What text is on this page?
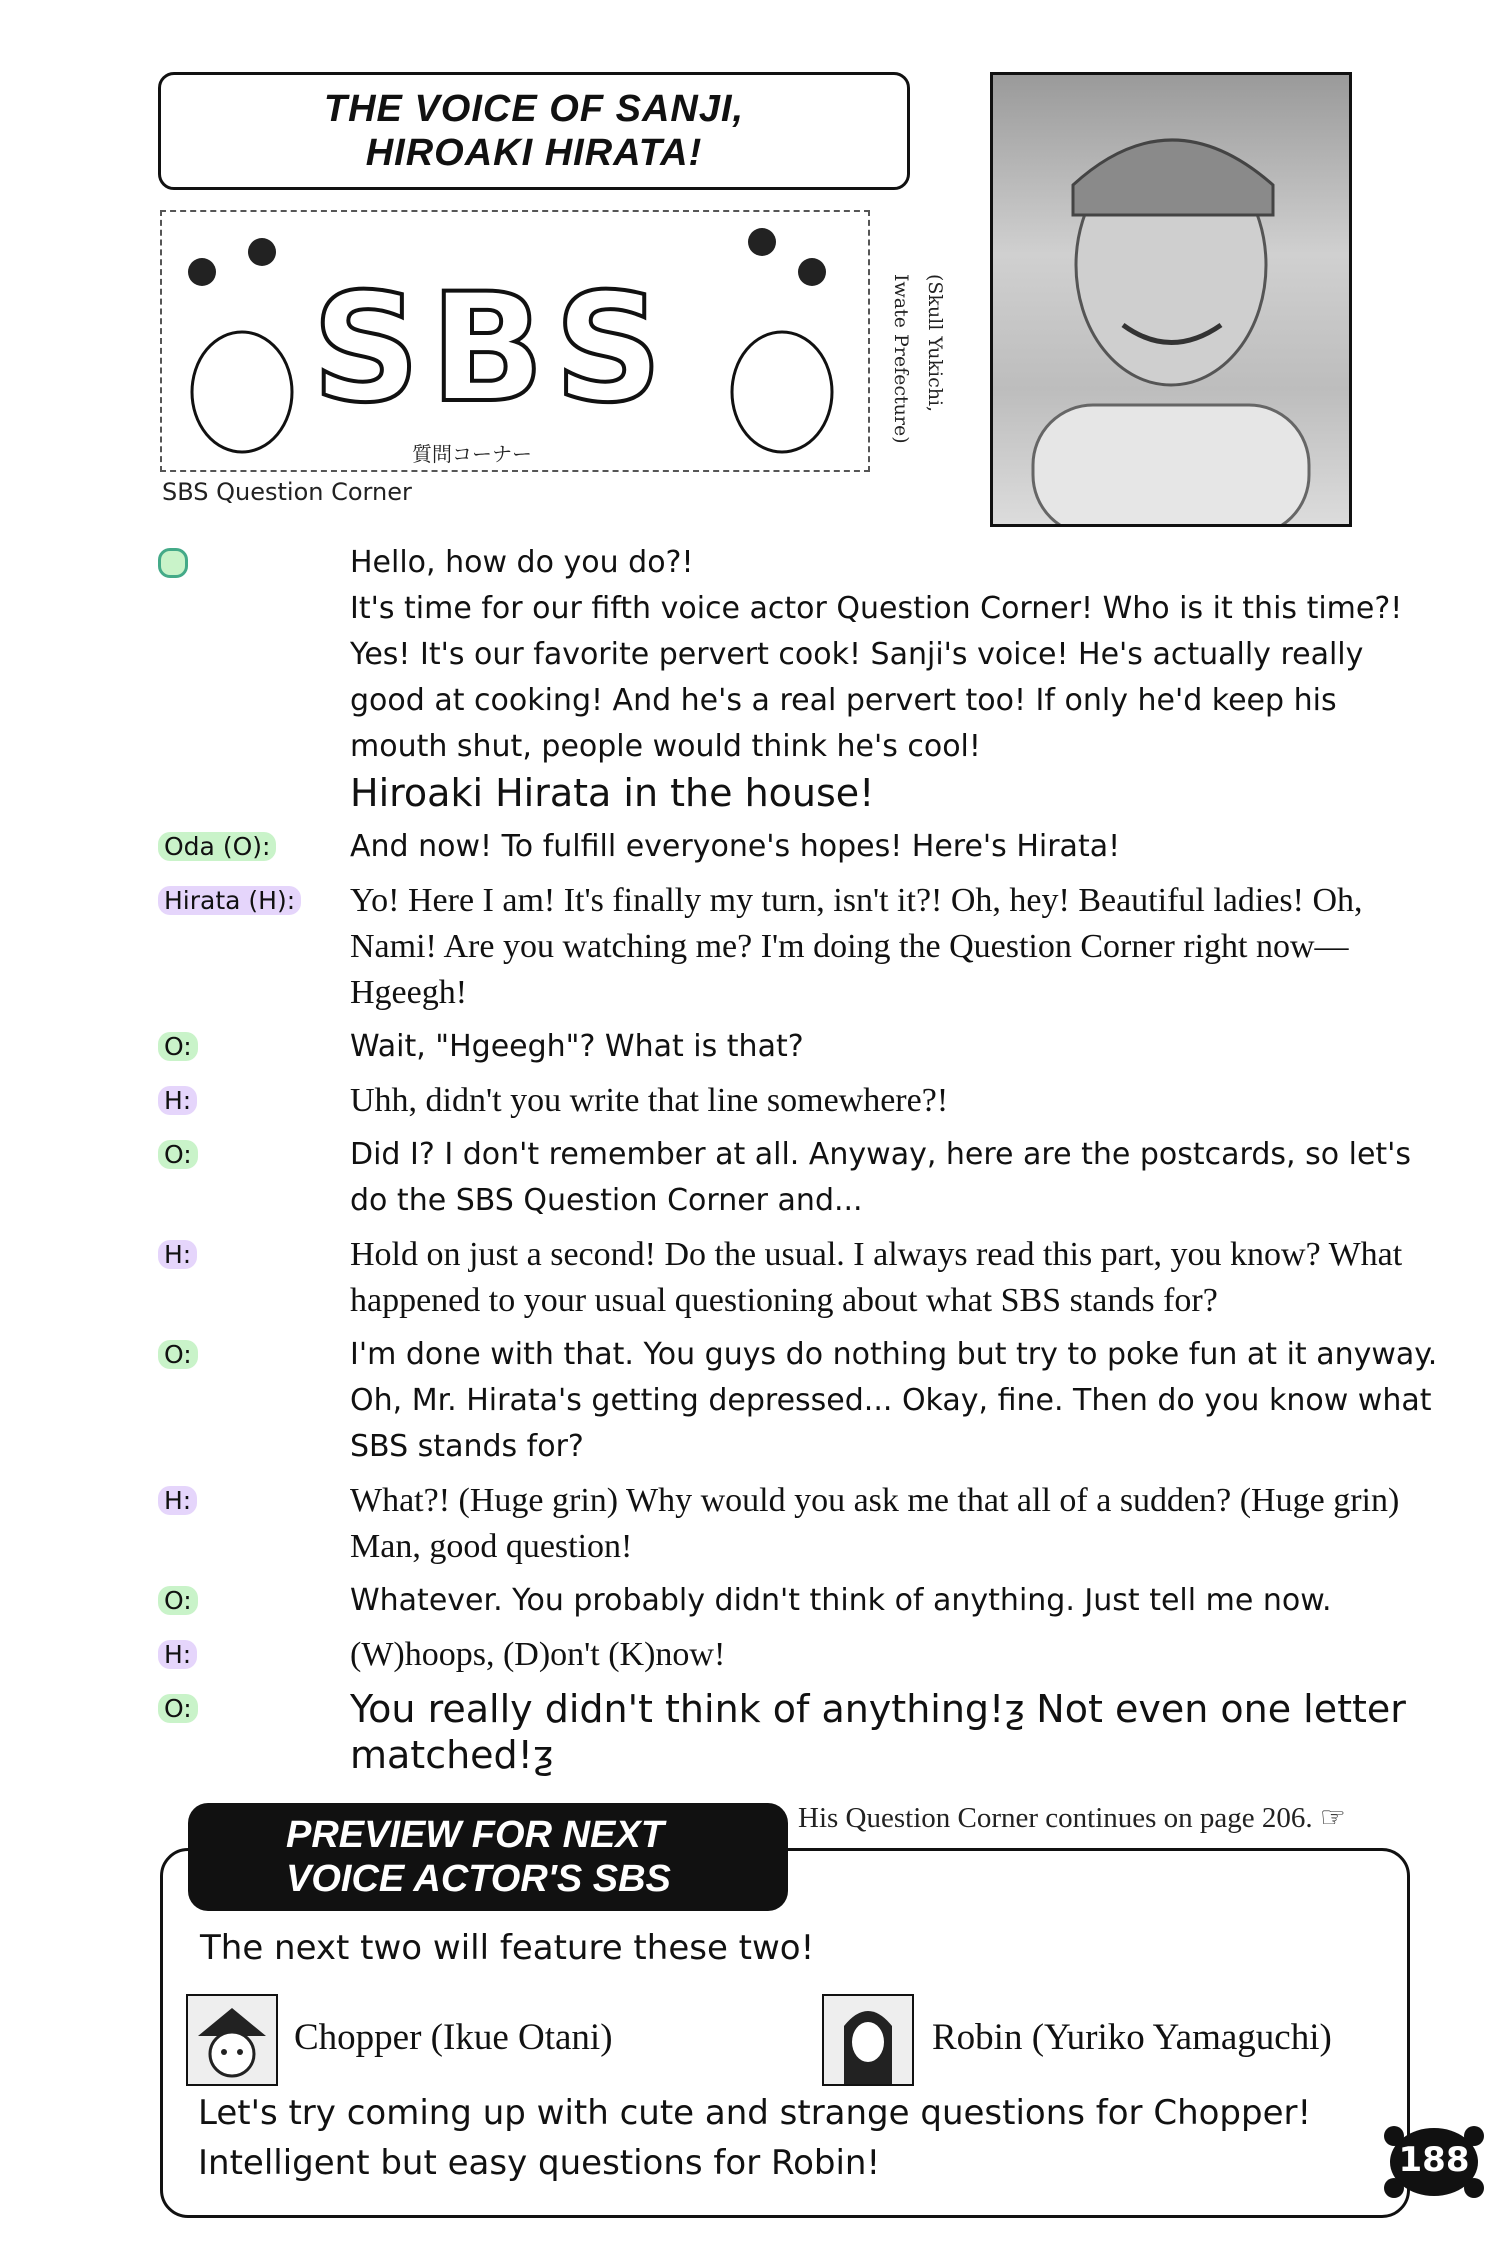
THE VOICE OF SANJI,
HIROAKI HIRATA!
SBS
質問コーナー
(Skull Yukichi,
Iwate Prefecture)
SBS Question Corner
Hello, how do you do?!
It's time for our fifth voice actor Question Corner! Who is it this time?! Yes! It's our favorite pervert cook! Sanji's voice! He's actually really good at cooking! And he's a real pervert too! If only he'd keep his mouth shut, people would think he's cool!
Hiroaki Hirata in the house!
Oda (O):	And now! To fulfill everyone's hopes! Here's Hirata!
Hirata (H):	Yo! Here I am! It's finally my turn, isn't it?! Oh, hey! Beautiful ladies! Oh, Nami! Are you watching me? I'm doing the Question Corner right now—Hgeegh!
O:	Wait, "Hgeegh"? What is that?
H:	Uhh, didn't you write that line somewhere?!
O:	Did I? I don't remember at all. Anyway, here are the postcards, so let's do the SBS Question Corner and...
H:	Hold on just a second! Do the usual. I always read this part, you know? What happened to your usual questioning about what SBS stands for?
O:	I'm done with that. You guys do nothing but try to poke fun at it anyway. Oh, Mr. Hirata's getting depressed... Okay, fine. Then do you know what SBS stands for?
H:	What?! (Huge grin) Why would you ask me that all of a sudden? (Huge grin) Man, good question!
O:	Whatever. You probably didn't think of anything. Just tell me now.
H:	(W)hoops, (D)on't (K)now!
O:	You really didn't think of anything!ƺ Not even one letter matched!ƺ
His Question Corner continues on page 206. ☞
PREVIEW FOR NEXT
VOICE ACTOR'S SBS
The next two will feature these two!
Chopper (Ikue Otani)	Robin (Yuriko Yamaguchi)
Let's try coming up with cute and strange questions for Chopper! Intelligent but easy questions for Robin!	188
